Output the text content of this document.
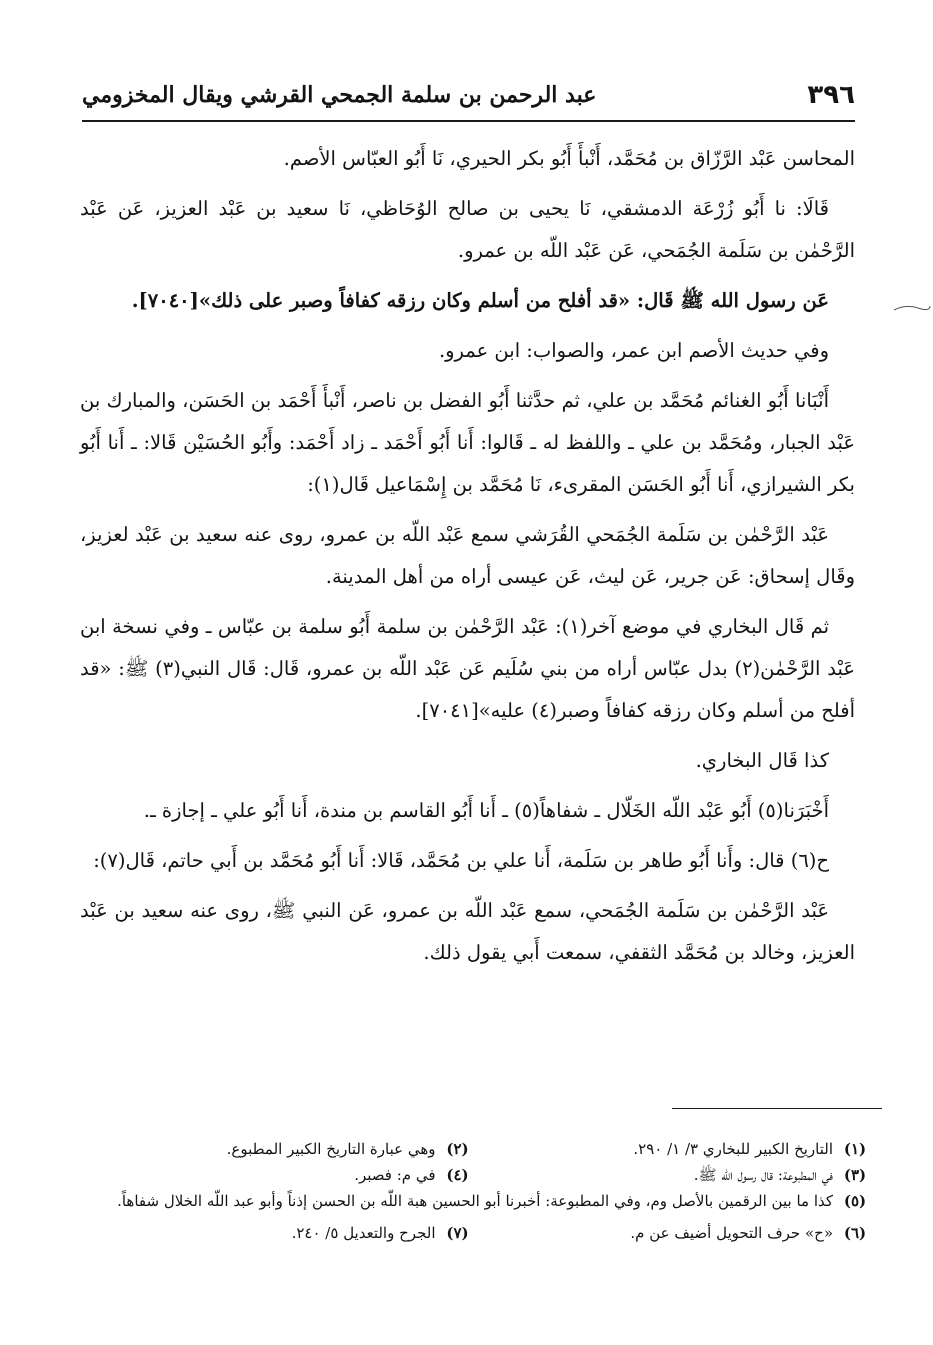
٣٩٦
عبد الرحمن بن سلمة الجمحي القرشي ويقال المخزومي

المحاسن عَبْد الرَّزّاق بن مُحَمَّد، أَنْبأَ أَبُو بكر الحيري، نَا أَبُو العبّاس الأصم.

قَالَا: نا أَبُو زُرْعَة الدمشقي، نَا يحيى بن صالح الوُحَاظي، نَا سعيد بن عَبْد العزيز، عَن عَبْد الرَّحْمٰن بن سَلَمة الجُمَحي، عَن عَبْد اللّه بن عمرو.

عَن رسول الله ﷺ قَال: «قد أفلح من أسلم وكان رزقه كفافاً وصبر على ذلك»[٧٠٤٠].

وفي حديث الأصم ابن عمر، والصواب: ابن عمرو.

أَنْبَانا أَبُو الغنائم مُحَمَّد بن علي، ثم حدَّثنا أَبُو الفضل بن ناصر، أَنْبأَ أَحْمَد بن الحَسَن، والمبارك بن عَبْد الجبار، ومُحَمَّد بن علي ـ واللفظ له ـ قَالوا: أَنا أَبُو أَحْمَد ـ زاد أَحْمَد: وأَبُو الحُسَيْن قَالا: ـ أَنا أَبُو بكر الشيرازي، أَنا أَبُو الحَسَن المقرىء، نَا مُحَمَّد بن إِسْمَاعيل قَال(١):

عَبْد الرَّحْمٰن بن سَلَمة الجُمَحي القُرَشي سمع عَبْد اللّه بن عمرو، روى عنه سعيد بن عَبْد لعزيز، وقَال إسحاق: عَن جرير، عَن ليث، عَن عيسى أراه من أهل المدينة.

ثم قَال البخاري في موضع آخر(١): عَبْد الرَّحْمٰن بن سلمة أَبُو سلمة بن عبّاس ـ وفي نسخة ابن عَبْد الرَّحْمٰن(٢) بدل عبّاس أراه من بني سُلَيم عَن عَبْد اللّه بن عمرو، قَال: قَال النبي(٣) ﷺ: «قد أفلح من أسلم وكان رزقه كفافاً وصبر(٤) عليه»[٧٠٤١].

كذا قَال البخاري.

أَخْبَرَنا(٥) أَبُو عَبْد اللّه الخَلّال ـ شفاهاً(٥) ـ أَنا أَبُو القاسم بن مندة، أَنا أَبُو علي ـ إجازة ـ.

ح(٦) قال: وأَنا أَبُو طاهر بن سَلَمة، أَنا علي بن مُحَمَّد، قَالا: أَنا أَبُو مُحَمَّد بن أَبي حاتم، قَال(٧):

عَبْد الرَّحْمٰن بن سَلَمة الجُمَحي، سمع عَبْد اللّه بن عمرو، عَن النبي ﷺ، روى عنه سعيد بن عَبْد العزيز، وخالد بن مُحَمَّد الثقفي، سمعت أَبي يقول ذلك.

(١)
التاريخ الكبير للبخاري ٣/ ١/ ٢٩٠.
(٢)
وهي عبارة التاريخ الكبير المطبوع.
(٣)
في المطبوعة: قال رسول اللّه ﷺ.
(٤)
في م: فصبر.
(٥)
كذا ما بين الرقمين بالأصل وم، وفي المطبوعة: أخبرنا أبو الحسين هبة اللّه بن الحسن إذناً وأبو عبد اللّه الخلال شفاهاً.
(٦)
«ح» حرف التحويل أضيف عن م.
(٧)
الجرح والتعديل ٥/ ٢٤٠.
